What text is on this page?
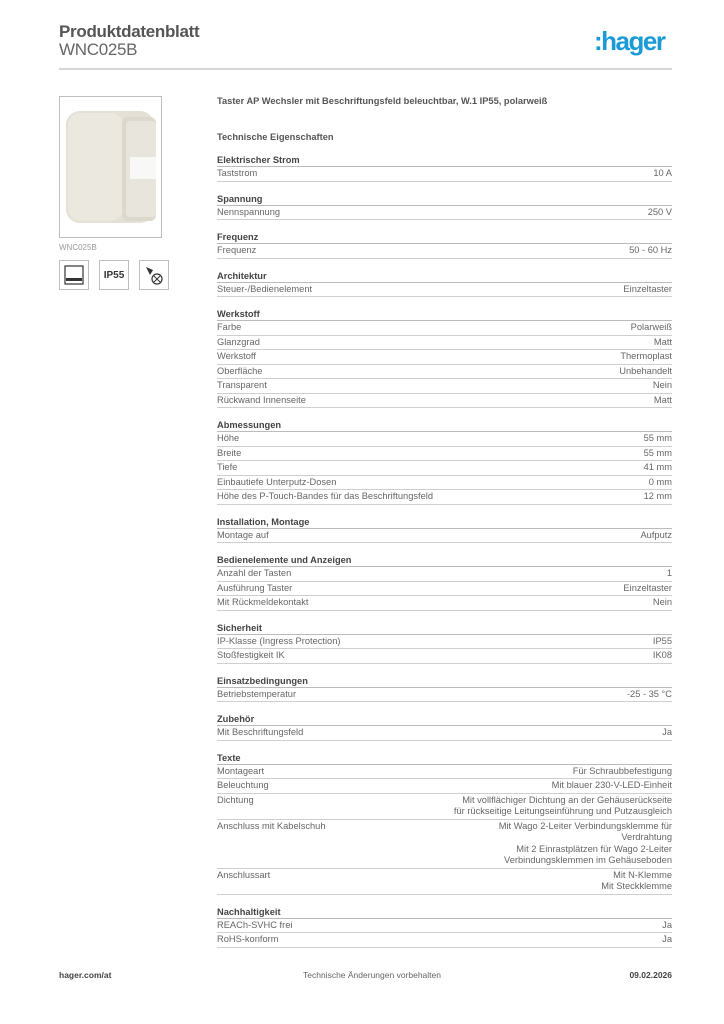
Produktdatenblatt
WNC025B	:hager
WNC025B
IP55
Taster AP Wechsler mit Beschriftungsfeld beleuchtbar, W.1 IP55, polarweiß
Technische Eigenschaften
Elektrischer Strom
Taststrom	10 A
Spannung
Nennspannung	250 V
Frequenz
Frequenz	50 - 60 Hz
Architektur
Steuer-/Bedienelement	Einzeltaster
Werkstoff
Farbe	Polarweiß
Glanzgrad	Matt
Werkstoff	Thermoplast
Oberfläche	Unbehandelt
Transparent	Nein
Rückwand Innenseite	Matt
Abmessungen
Höhe	55 mm
Breite	55 mm
Tiefe	41 mm
Einbautiefe Unterputz-Dosen	0 mm
Höhe des P-Touch-Bandes für das Beschriftungsfeld	12 mm
Installation, Montage
Montage auf	Aufputz
Bedienelemente und Anzeigen
Anzahl der Tasten	1
Ausführung Taster	Einzeltaster
Mit Rückmeldekontakt	Nein
Sicherheit
IP-Klasse (Ingress Protection)	IP55
Stoßfestigkeit IK	IK08
Einsatzbedingungen
Betriebstemperatur	-25 - 35 °C
Zubehör
Mit Beschriftungsfeld	Ja
Texte
Montageart	Für Schraubbefestigung
Beleuchtung	Mit blauer 230-V-LED-Einheit
Dichtung	Mit vollflächiger Dichtung an der Gehäuserückseite
für rückseitige Leitungseinführung und Putzausgleich
Anschluss mit Kabelschuh	Mit Wago 2-Leiter Verbindungsklemme für
Verdrahtung
Mit 2 Einrastplätzen für Wago 2-Leiter
Verbindungsklemmen im Gehäuseboden
Anschlussart	Mit N-Klemme
Mit Steckklemme
Nachhaltigkeit
REACh-SVHC frei	Ja
RoHS-konform	Ja
hager.com/at	Technische Änderungen vorbehalten	09.02.2026
